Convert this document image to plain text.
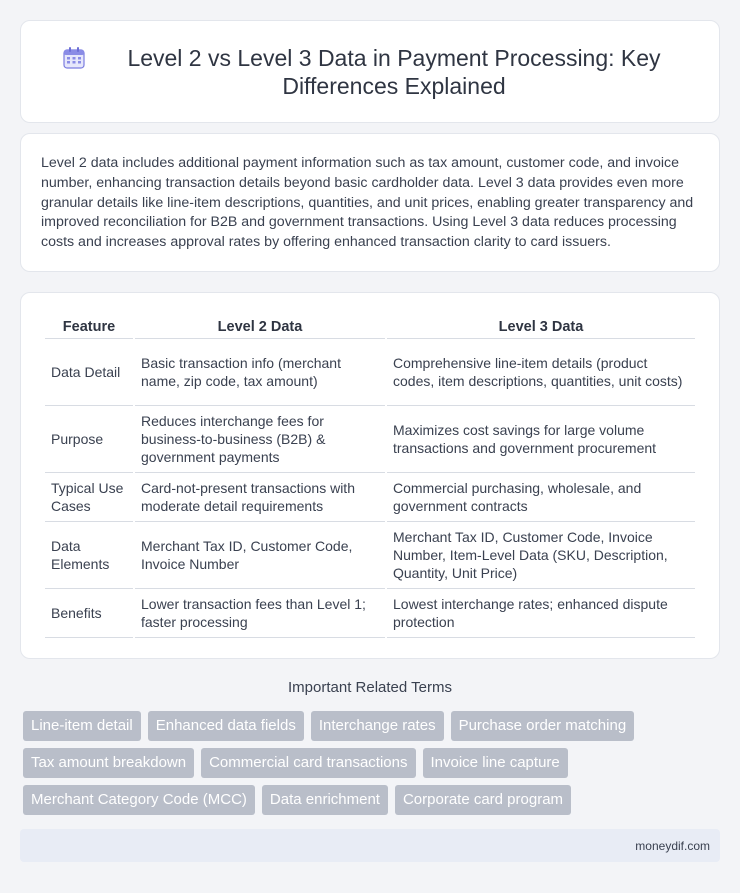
Level 2 vs Level 3 Data in Payment Processing: Key Differences Explained

Level 2 data includes additional payment information such as tax amount, customer code, and invoice number, enhancing transaction details beyond basic cardholder data. Level 3 data provides even more granular details like line-item descriptions, quantities, and unit prices, enabling greater transparency and improved reconciliation for B2B and government transactions. Using Level 3 data reduces processing costs and increases approval rates by offering enhanced transaction clarity to card issuers.

Feature	Level 2 Data	Level 3 Data
Data Detail	Basic transaction info (merchant name, zip code, tax amount)	Comprehensive line-item details (product codes, item descriptions, quantities, unit costs)
Purpose	Reduces interchange fees for business-to-business (B2B) & government payments	Maximizes cost savings for large volume transactions and government procurement
Typical Use Cases	Card-not-present transactions with moderate detail requirements	Commercial purchasing, wholesale, and government contracts
Data Elements	Merchant Tax ID, Customer Code, Invoice Number	Merchant Tax ID, Customer Code, Invoice Number, Item-Level Data (SKU, Description, Quantity, Unit Price)
Benefits	Lower transaction fees than Level 1; faster processing	Lowest interchange rates; enhanced dispute protection
Important Related Terms
Line-item detail	Enhanced data fields	Interchange rates	Purchase order matching
Tax amount breakdown	Commercial card transactions	Invoice line capture
Merchant Category Code (MCC)	Data enrichment	Corporate card program
moneydif.com
